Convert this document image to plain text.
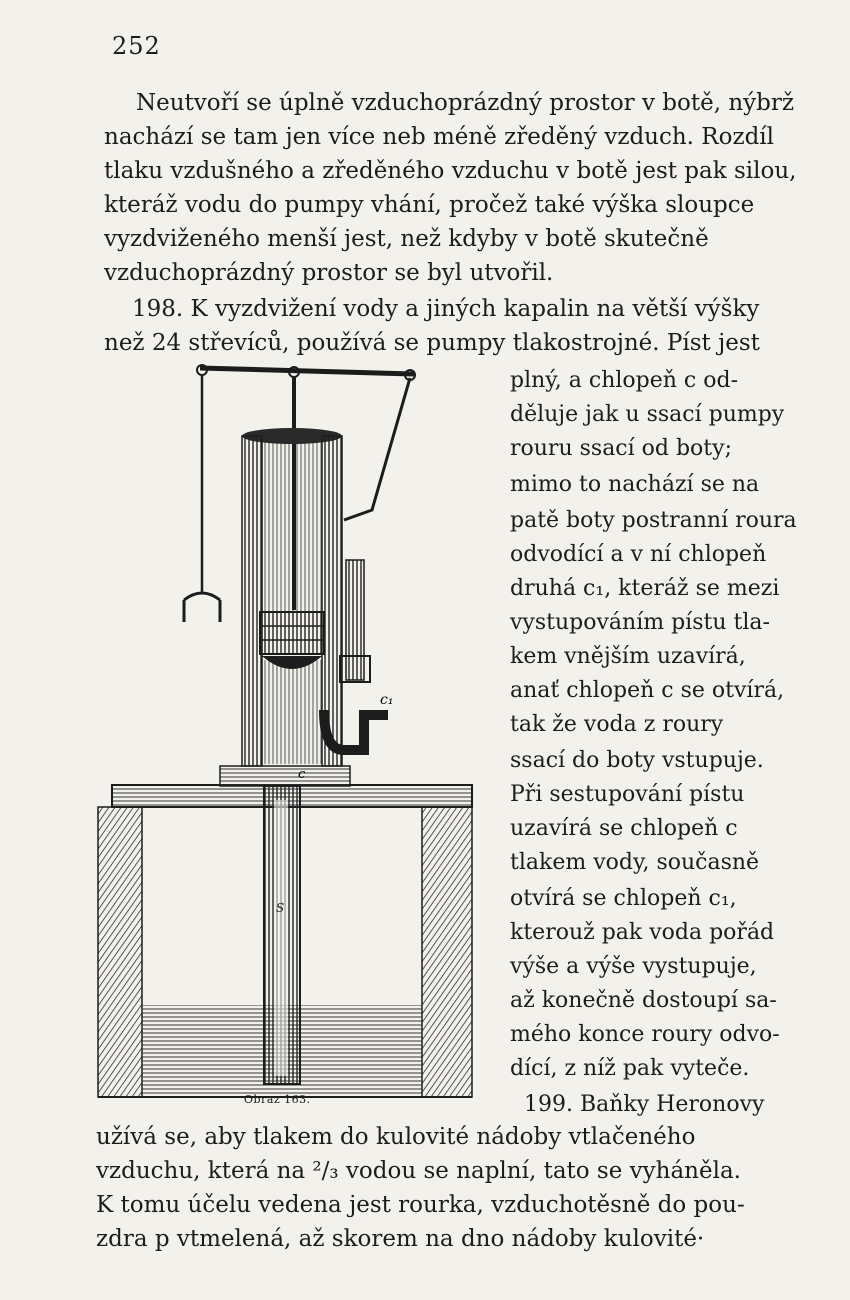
252
Neutvoří se úplně vzduchoprázdný prostor v botě, nýbrž
nachází se tam jen více neb méně zředěný vzduch. Rozdíl
tlaku vzdušného a zředěného vzduchu v botě jest pak silou,
kteráž vodu do pumpy vhání, pročež také výška sloupce
vyzdviženého menší jest, než kdyby v botě skutečně
vzduchoprázdný prostor se byl utvořil.
198. K vyzdvižení vody a jiných kapalin na větší výšky
než 24 střevíců, používá se pumpy tlakostrojné. Píst jest
plný, a chlopeň c od-
děluje jak u ssací pumpy
rouru ssací od boty;
mimo to nachází se na
patě boty postranní roura
odvodící a v ní chlopeň
druhá c₁, kteráž se mezi
vystupováním pístu tla-
kem vnějším uzavírá,
anať chlopeň c se otvírá,
tak že voda z roury
ssací do boty vstupuje.
Při sestupování pístu
uzavírá se chlopeň c
tlakem vody, současně
otvírá se chlopeň c₁,
kterouž pak voda pořád
výše a výše vystupuje,
až konečně dostoupí sa-
mého konce roury odvo-
dící, z níž pak vyteče.
199. Baňky Heronovy
užívá se, aby tlakem do kulovité nádoby vtlačeného
vzduchu, která na ²/₃ vodou se naplní, tato se vyháněla.
K tomu účelu vedena jest rourka, vzduchotěsně do pou-
zdra p vtmelená, až skorem na dno nádoby kulovité·
c
c₁
S
Obraz 163.
